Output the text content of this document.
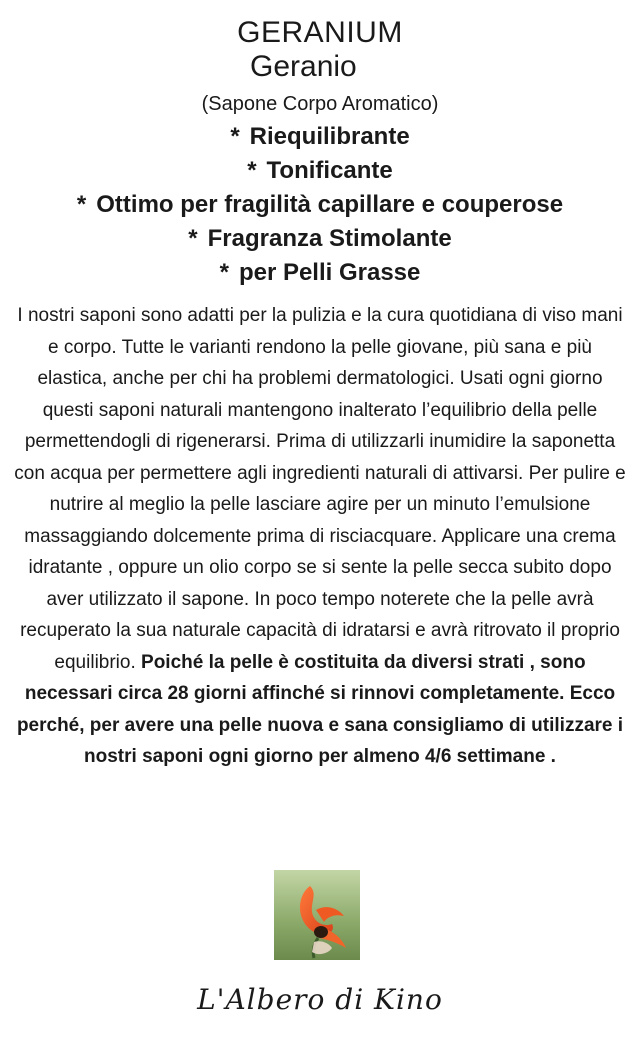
GERANIUM
Geranio
(Sapone Corpo Aromatico)
* Riequilibrante
* Tonificante
* Ottimo per fragilità capillare e couperose
* Fragranza Stimolante
* per Pelli Grasse
I nostri saponi sono adatti per la pulizia e la cura quotidiana di viso mani e corpo. Tutte le varianti rendono la pelle giovane, più sana e più elastica, anche per chi ha problemi dermatologici. Usati ogni giorno questi saponi naturali mantengono inalterato l’equilibrio della pelle permettendogli di rigenerarsi. Prima di utilizzarli inumidire la saponetta con acqua per permettere agli ingredienti naturali di attivarsi. Per pulire e nutrire al meglio la pelle lasciare agire per un minuto l’emulsione massaggiando dolcemente prima di risciacquare. Applicare una crema idratante , oppure un olio corpo se si sente la pelle secca subito dopo aver utilizzato il sapone. In poco tempo noterete che la pelle avrà recuperato la sua naturale capacità di idratarsi e avrà ritrovato il proprio equilibrio. Poiché la pelle è costituita da diversi strati , sono necessari circa 28 giorni affinché si rinnovi completamente. Ecco perché, per avere una pelle nuova e sana consigliamo di utilizzare i nostri saponi ogni giorno per almeno 4/6 settimane .
L'Albero di Kino
